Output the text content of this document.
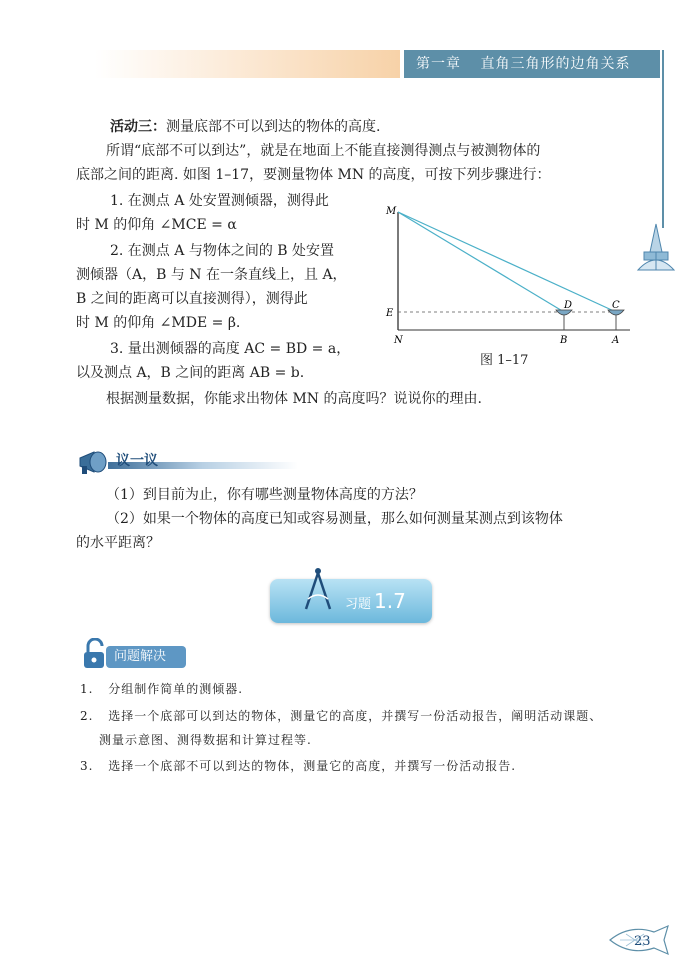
第一章 直角三角形的边角关系
活动三：测量底部不可以到达的物体的高度.
所谓“底部不可以到达”，就是在地面上不能直接测得测点与被测物体的
底部之间的距离. 如图 1–17，要测量物体 MN 的高度，可按下列步骤进行：
1. 在测点 A 处安置测倾器，测得此
时 M 的仰角 ∠MCE = α
2. 在测点 A 与物体之间的 B 处安置
测倾器（A，B 与 N 在一条直线上，且 A，
B 之间的距离可以直接测得），测得此
时 M 的仰角 ∠MDE = β.
3. 量出测倾器的高度 AC = BD = a，
以及测点 A，B 之间的距离 AB = b.
根据测量数据，你能求出物体 MN 的高度吗？说说你的理由.
M
E
N	B	A
C
D
图 1–17
议一议
（1）到目前为止，你有哪些测量物体高度的方法？
（2）如果一个物体的高度已知或容易测量，那么如何测量某测点到该物体
的水平距离？
习题 1.7
问题解决
1. 分组制作简单的测倾器.
2. 选择一个底部可以到达的物体，测量它的高度，并撰写一份活动报告，阐明活动课题、
测量示意图、测得数据和计算过程等.
3. 选择一个底部不可以到达的物体，测量它的高度，并撰写一份活动报告.
23
